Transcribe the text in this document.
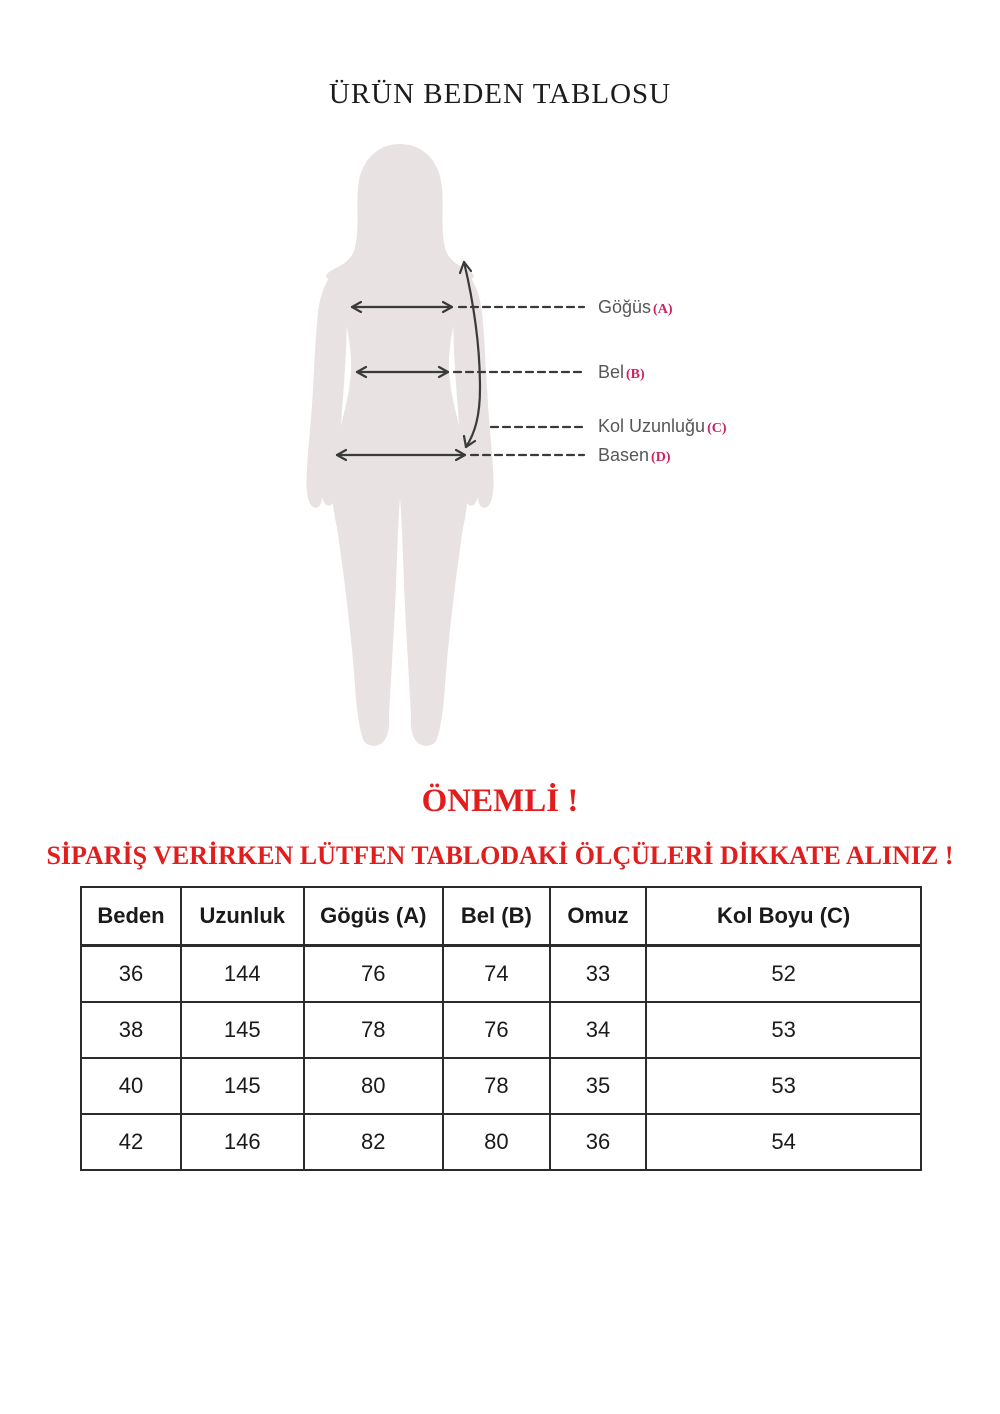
ÜRÜN BEDEN TABLOSU
Göğüs (A)
Bel (B)
Kol Uzunluğu (C)
Basen (D)
ÖNEMLİ !
SİPARİŞ VERİRKEN LÜTFEN TABLODAKİ ÖLÇÜLERİ DİKKATE ALINIZ !
Beden	Uzunluk	Gögüs (A)	Bel (B)	Omuz	Kol Boyu (C)
36	144	76	74	33	52
38	145	78	76	34	53
40	145	80	78	35	53
42	146	82	80	36	54
